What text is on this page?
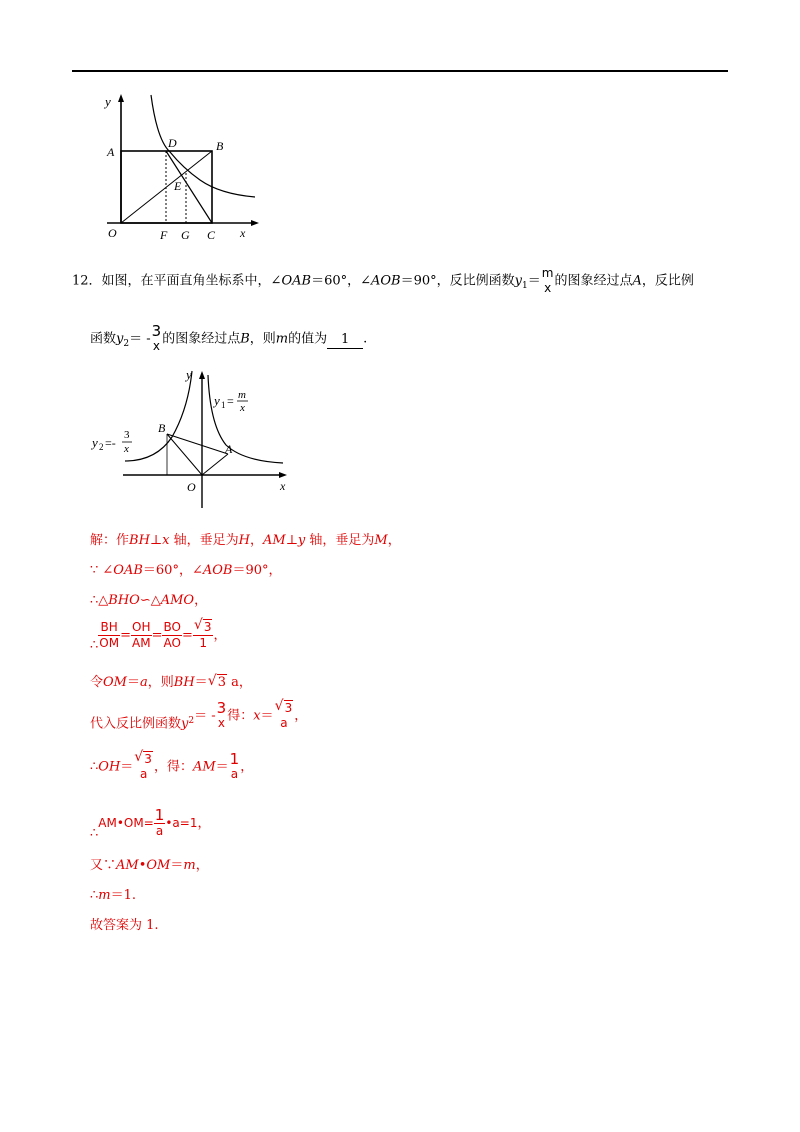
y
A
D	B
E
O	F G C x
12．如图，在平面直角坐标系中，∠OAB＝60°，∠AOB＝90°，反比例函数$y_1=$
m
x 的图象经过点A，反比例
函数$y_2= - 3$
x 的图象经过点B，则m的值为 1 .
y
x
O
A
B
y 1 = m
x
y 2 =-
3
x
解：作BH⊥x 轴，垂足为H，AM⊥y 轴，垂足为M，
∵ ∠OAB＝60°，∠AOB＝90°，
∴△BHO∽△AMO，
∴ $\frac{BH}{OM} = \frac{OH}{AM} = \frac{BO}{AO} = \frac{√ 3}{1}$ ，
令OM＝a，则BH＝ √ 3 a，
代入反比例函数$y_2= - 3$
x 得：x＝
√ 3
a ，
∴OH＝
√ 3
a ，得：AM＝ 1
a ，
∴AM•OM= $\frac{1}{a}$ •a=1，
又∵AM•OM＝m，
∴m＝1.
故答案为 1.
